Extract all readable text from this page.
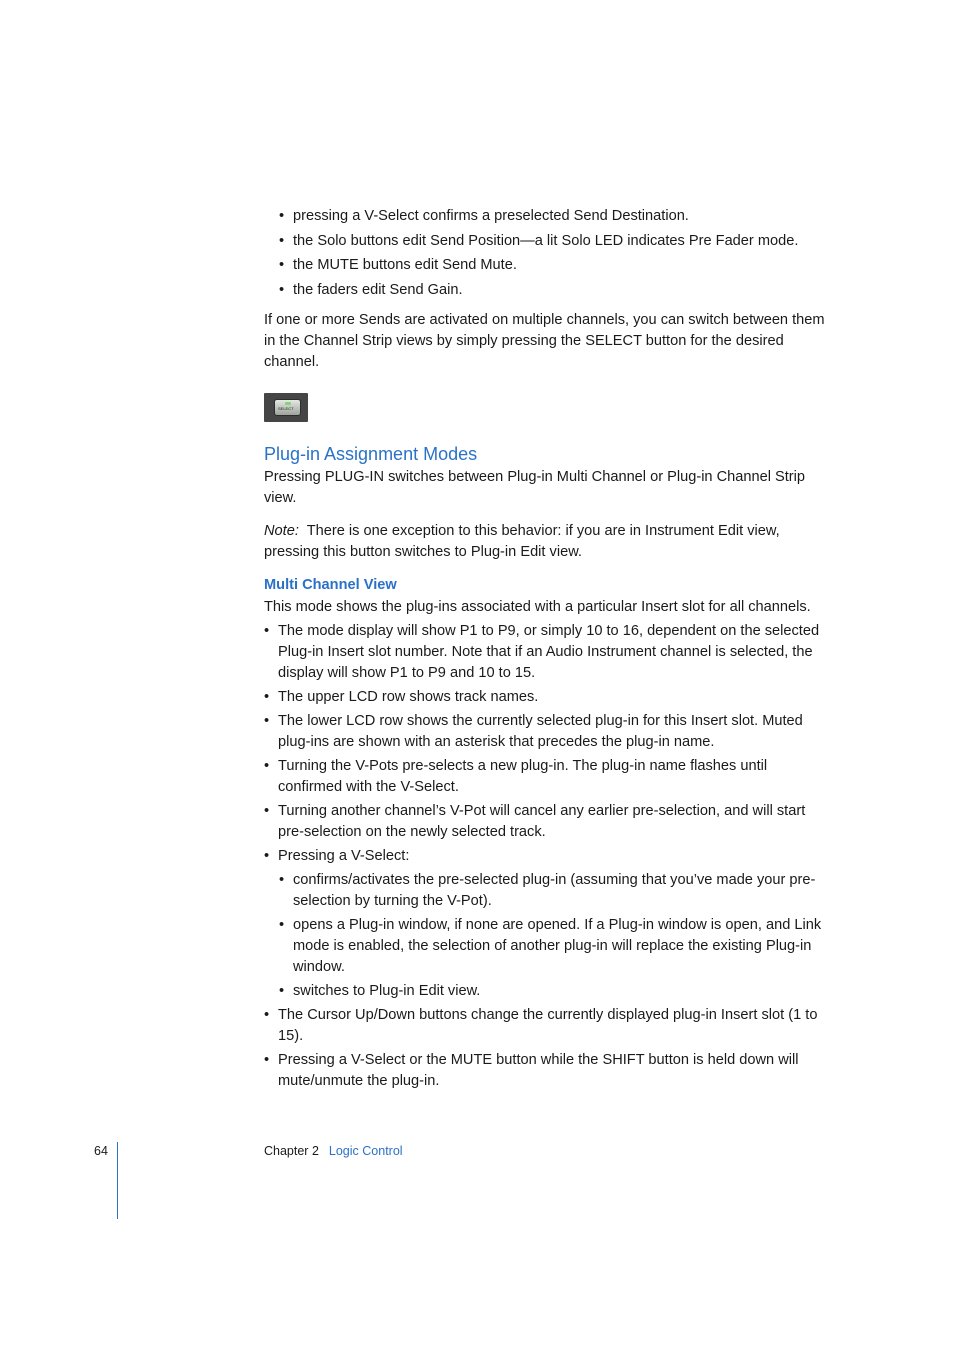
• pressing a V-Select confirms a preselected Send Destination.
• the Solo buttons edit Send Position—a lit Solo LED indicates Pre Fader mode.
• the MUTE buttons edit Send Mute.
• the faders edit Send Gain.

If one or more Sends are activated on multiple channels, you can switch between them in the Channel Strip views by simply pressing the SELECT button for the desired channel.

SELECT
Plug-in Assignment Modes

Pressing PLUG-IN switches between Plug-in Multi Channel or Plug-in Channel Strip view.

Note: There is one exception to this behavior: if you are in Instrument Edit view, pressing this button switches to Plug-in Edit view.

Multi Channel View

This mode shows the plug-ins associated with a particular Insert slot for all channels.

• The mode display will show P1 to P9, or simply 10 to 16, dependent on the selected Plug-in Insert slot number. Note that if an Audio Instrument channel is selected, the display will show P1 to P9 and 10 to 15.
• The upper LCD row shows track names.
• The lower LCD row shows the currently selected plug-in for this Insert slot. Muted plug-ins are shown with an asterisk that precedes the plug-in name.
• Turning the V-Pots pre-selects a new plug-in. The plug-in name flashes until confirmed with the V-Select.
• Turning another channel’s V-Pot will cancel any earlier pre-selection, and will start pre-selection on the newly selected track.
• Pressing a V-Select:
• confirms/activates the pre-selected plug-in (assuming that you’ve made your pre-selection by turning the V-Pot).
• opens a Plug-in window, if none are opened. If a Plug-in window is open, and Link mode is enabled, the selection of another plug-in will replace the existing Plug-in window.
• switches to Plug-in Edit view.
• The Cursor Up/Down buttons change the currently displayed plug-in Insert slot (1 to 15).
• Pressing a V-Select or the MUTE button while the SHIFT button is held down will mute/unmute the plug-in.
64	Chapter 2 Logic Control
